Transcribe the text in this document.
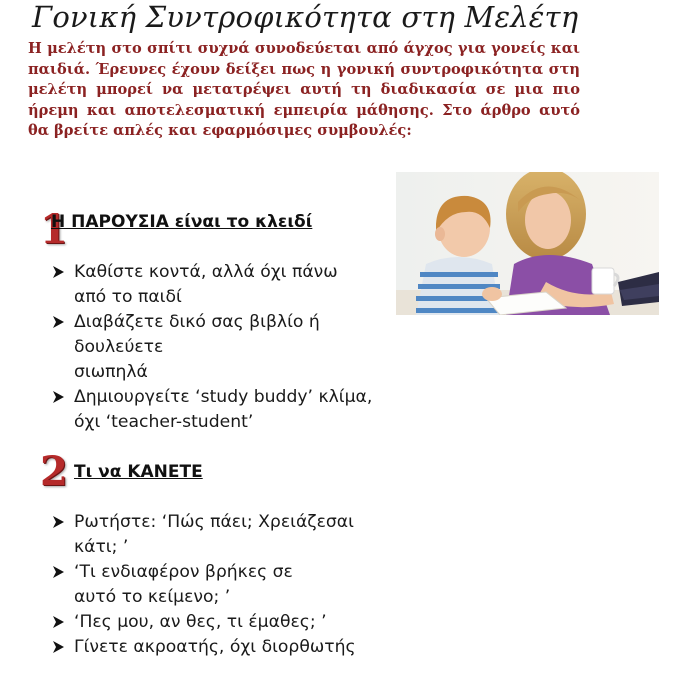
Γονική Συντροφικότητα στη Μελέτη

Η μελέτη στο σπίτι συχνά συνοδεύεται από άγχος για γονείς και παιδιά. Έρευνες έχουν δείξει πως η γονική συντροφικότητα στη μελέτη μπορεί να μετατρέψει αυτή τη διαδικασία σε μια πιο ήρεμη και αποτελεσματική εμπειρία μάθησης. Στο άρθρο αυτό θα βρείτε απλές και εφαρμόσιμες συμβουλές:

1
Η ΠΑΡΟΥΣΙΑ είναι το κλειδί
Καθίστε κοντά, αλλά όχι πάνω
από το παιδί
Διαβάζετε δικό σας βιβλίο ή
δουλεύετε
σιωπηλά
Δημιουργείτε ‘study buddy’ κλίμα,
όχι ‘teacher-student’
2 Τι να ΚΑΝΕΤΕ
Ρωτήστε: ‘Πώς πάει; Χρειάζεσαι
κάτι; ’
‘Τι ενδιαφέρον βρήκες σε
αυτό το κείμενο; ’
‘Πες μου, αν θες, τι έμαθες; ’
Γίνετε ακροατής, όχι διορθωτής
